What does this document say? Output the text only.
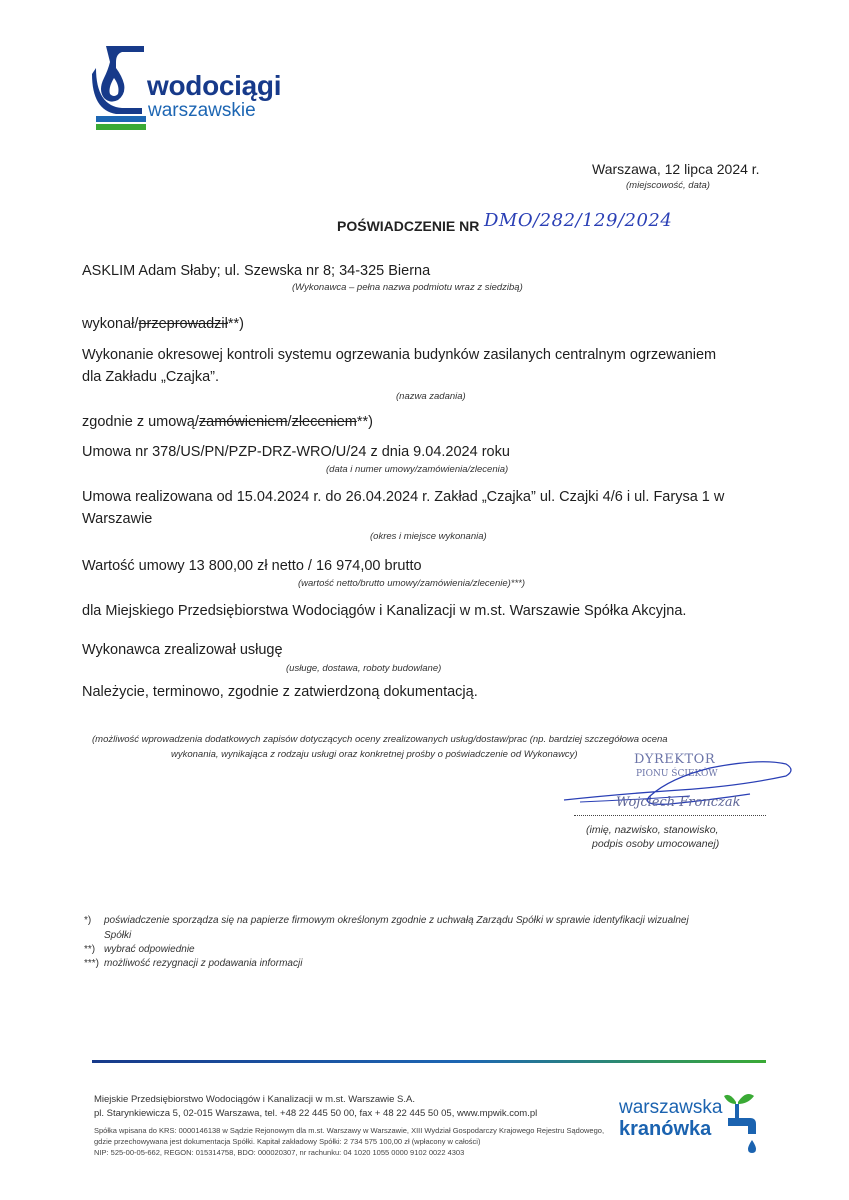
wodociągi
warszawskie
Warszawa, 12 lipca 2024 r.
(miejscowość, data)
POŚWIADCZENIE NR DMO/282/129/2024
ASKLIM Adam Słaby; ul. Szewska nr 8; 34-325 Bierna
(Wykonawca – pełna nazwa podmiotu wraz z siedzibą)
wykonał/przeprowadził**)
Wykonanie okresowej kontroli systemu ogrzewania budynków zasilanych centralnym ogrzewaniem
dla Zakładu „Czajka”.
(nazwa zadania)
zgodnie z umową/zamówieniem/zleceniem**)
Umowa nr 378/US/PN/PZP-DRZ-WRO/U/24 z dnia 9.04.2024 roku
(data i numer umowy/zamówienia/zlecenia)
Umowa realizowana od 15.04.2024 r. do 26.04.2024 r. Zakład „Czajka” ul. Czajki 4/6 i ul. Farysa 1 w
Warszawie
(okres i miejsce wykonania)
Wartość umowy 13 800,00 zł netto / 16 974,00 brutto
(wartość netto/brutto umowy/zamówienia/zlecenie)***)
dla Miejskiego Przedsiębiorstwa Wodociągów i Kanalizacji w m.st. Warszawie Spółka Akcyjna.
Wykonawca zrealizował usługę
(usługe, dostawa, roboty budowlane)
Należycie, terminowo, zgodnie z zatwierdzoną dokumentacją.
(możliwość wprowadzenia dodatkowych zapisów dotyczących oceny zrealizowanych usług/dostaw/prac (np. bardziej szczegółowa ocena
wykonania, wynikająca z rodzaju usługi oraz konkretnej prośby o poświadczenie od Wykonawcy)	DYREKTOR
PIONU ŚCIEKÓW
Wojciech Fronczak
(imię, nazwisko, stanowisko,
podpis osoby umocowanej)
*) poświadczenie sporządza się na papierze firmowym określonym zgodnie z uchwałą Zarządu Spółki w sprawie identyfikacji wizualnej
Spółki
**) wybrać odpowiednie
***) możliwość rezygnacji z podawania informacji
Miejskie Przedsiębiorstwo Wodociągów i Kanalizacji w m.st. Warszawie S.A.
pl. Starynkiewicza 5, 02-015 Warszawa, tel. +48 22 445 50 00, fax + 48 22 445 50 05, www.mpwik.com.pl
Spółka wpisana do KRS: 0000146138 w Sądzie Rejonowym dla m.st. Warszawy w Warszawie, XIII Wydział Gospodarczy Krajowego Rejestru Sądowego,
gdzie przechowywana jest dokumentacja Spółki. Kapitał zakładowy Spółki: 2 734 575 100,00 zł (wpłacony w całości)
NIP: 525-00-05-662, REGON: 015314758, BDO: 000020307, nr rachunku: 04 1020 1055 0000 9102 0022 4303
warszawska
kranówka
